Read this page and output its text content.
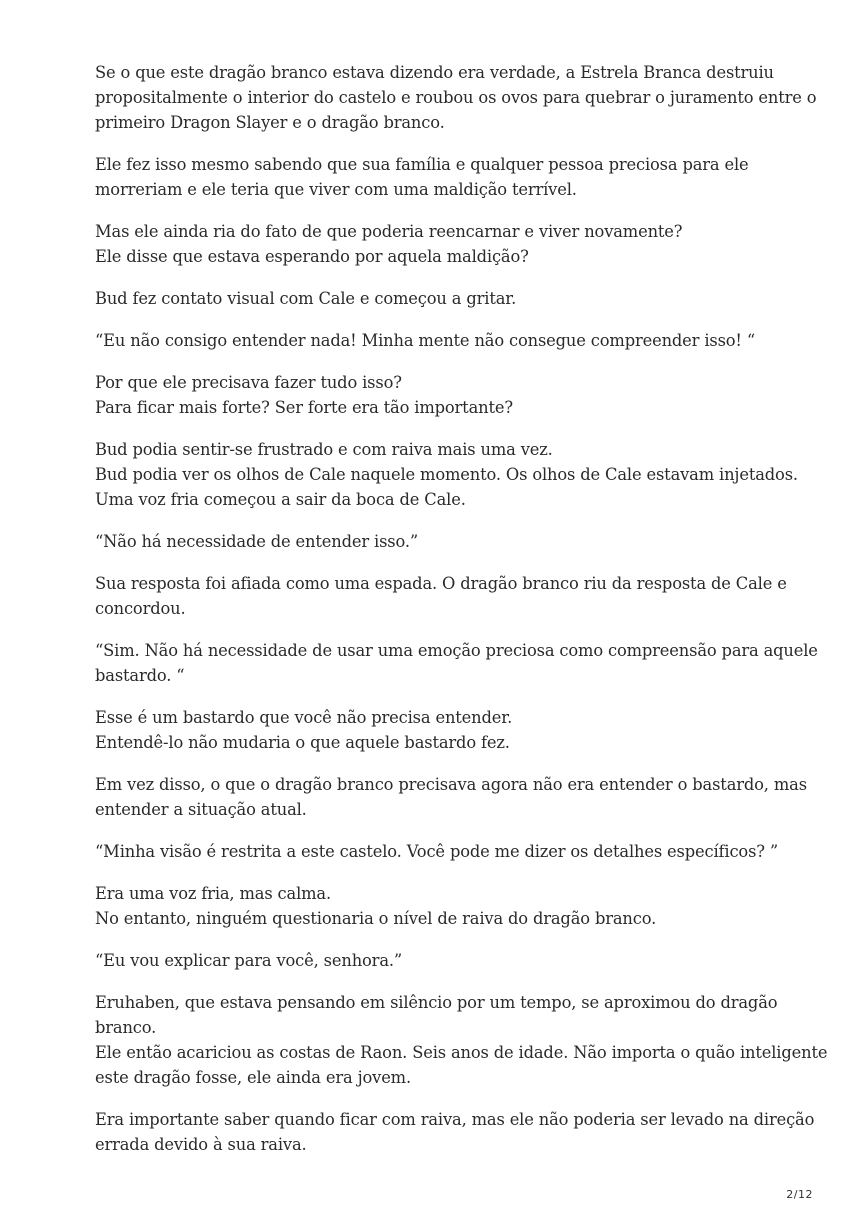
Se o que este dragão branco estava dizendo era verdade, a Estrela Branca destruiu
propositalmente o interior do castelo e roubou os ovos para quebrar o juramento entre o
primeiro Dragon Slayer e o dragão branco.
Ele fez isso mesmo sabendo que sua família e qualquer pessoa preciosa para ele
morreriam e ele teria que viver com uma maldição terrível.
Mas ele ainda ria do fato de que poderia reencarnar e viver novamente?
Ele disse que estava esperando por aquela maldição?
Bud fez contato visual com Cale e começou a gritar.
“Eu não consigo entender nada! Minha mente não consegue compreender isso! “
Por que ele precisava fazer tudo isso?
Para ficar mais forte? Ser forte era tão importante?
Bud podia sentir-se frustrado e com raiva mais uma vez.
Bud podia ver os olhos de Cale naquele momento. Os olhos de Cale estavam injetados.
Uma voz fria começou a sair da boca de Cale.
“Não há necessidade de entender isso.”
Sua resposta foi afiada como uma espada. O dragão branco riu da resposta de Cale e
concordou.
“Sim. Não há necessidade de usar uma emoção preciosa como compreensão para aquele
bastardo. “
Esse é um bastardo que você não precisa entender.
Entendê-lo não mudaria o que aquele bastardo fez.
Em vez disso, o que o dragão branco precisava agora não era entender o bastardo, mas
entender a situação atual.
“Minha visão é restrita a este castelo. Você pode me dizer os detalhes específicos? ”
Era uma voz fria, mas calma.
No entanto, ninguém questionaria o nível de raiva do dragão branco.
“Eu vou explicar para você, senhora.”
Eruhaben, que estava pensando em silêncio por um tempo, se aproximou do dragão
branco.
Ele então acariciou as costas de Raon. Seis anos de idade. Não importa o quão inteligente
este dragão fosse, ele ainda era jovem.
Era importante saber quando ficar com raiva, mas ele não poderia ser levado na direção
errada devido à sua raiva.
2/12
